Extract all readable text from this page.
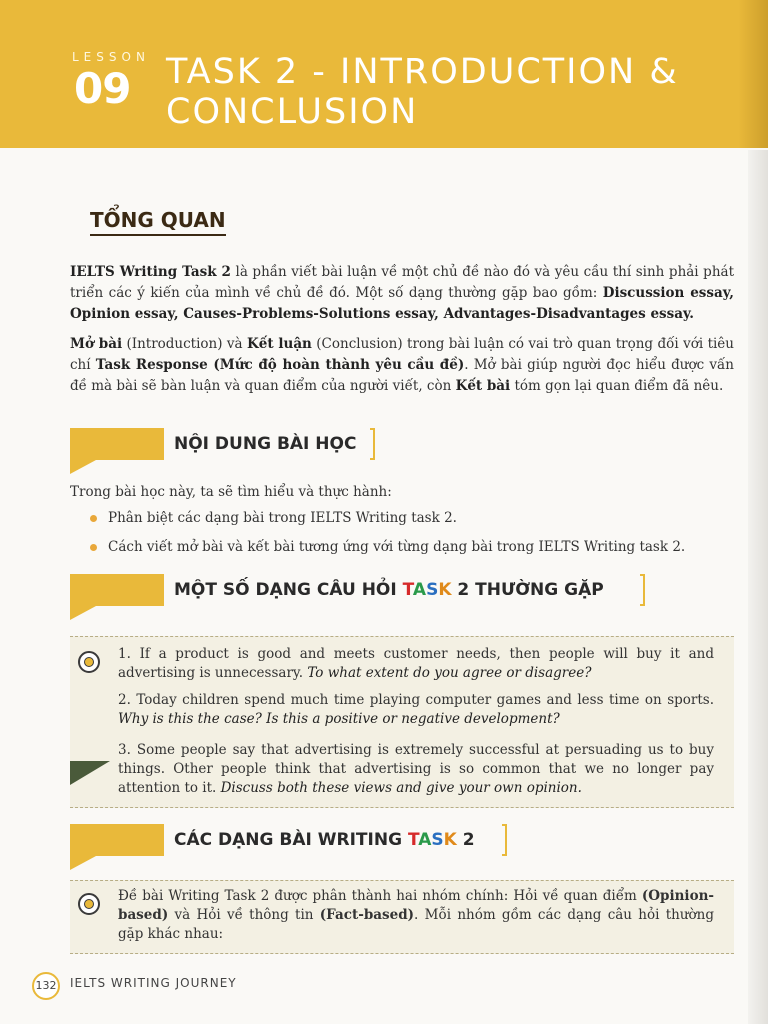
LESSON
09 TASK 2 - INTRODUCTION &
CONCLUSION
TỔNG QUAN
IELTS Writing Task 2 là phần viết bài luận về một chủ đề nào đó và yêu cầu thí sinh phải phát triển các ý kiến của mình về chủ đề đó. Một số dạng thường gặp bao gồm: Discussion essay, Opinion essay, Causes-Problems-Solutions essay, Advantages-Disadvantages essay.
Mở bài (Introduction) và Kết luận (Conclusion) trong bài luận có vai trò quan trọng đối với tiêu chí Task Response (Mức độ hoàn thành yêu cầu đề). Mở bài giúp người đọc hiểu được vấn đề mà bài sẽ bàn luận và quan điểm của người viết, còn Kết bài tóm gọn lại quan điểm đã nêu.
NỘI DUNG BÀI HỌC
Trong bài học này, ta sẽ tìm hiểu và thực hành:
Phân biệt các dạng bài trong IELTS Writing task 2.
Cách viết mở bài và kết bài tương ứng với từng dạng bài trong IELTS Writing task 2.
MỘT SỐ DẠNG CÂU HỎI TASK 2 THƯỜNG GẶP
1. If a product is good and meets customer needs, then people will buy it and advertising is unnecessary. To what extent do you agree or disagree?
2. Today children spend much time playing computer games and less time on sports. Why is this the case? Is this a positive or negative development?
3. Some people say that advertising is extremely successful at persuading us to buy things. Other people think that advertising is so common that we no longer pay attention to it. Discuss both these views and give your own opinion.
CÁC DẠNG BÀI WRITING TASK 2
Đề bài Writing Task 2 được phân thành hai nhóm chính: Hỏi về quan điểm (Opinion-based) và Hỏi về thông tin (Fact-based). Mỗi nhóm gồm các dạng câu hỏi thường gặp khác nhau:
132 IELTS WRITING JOURNEY
